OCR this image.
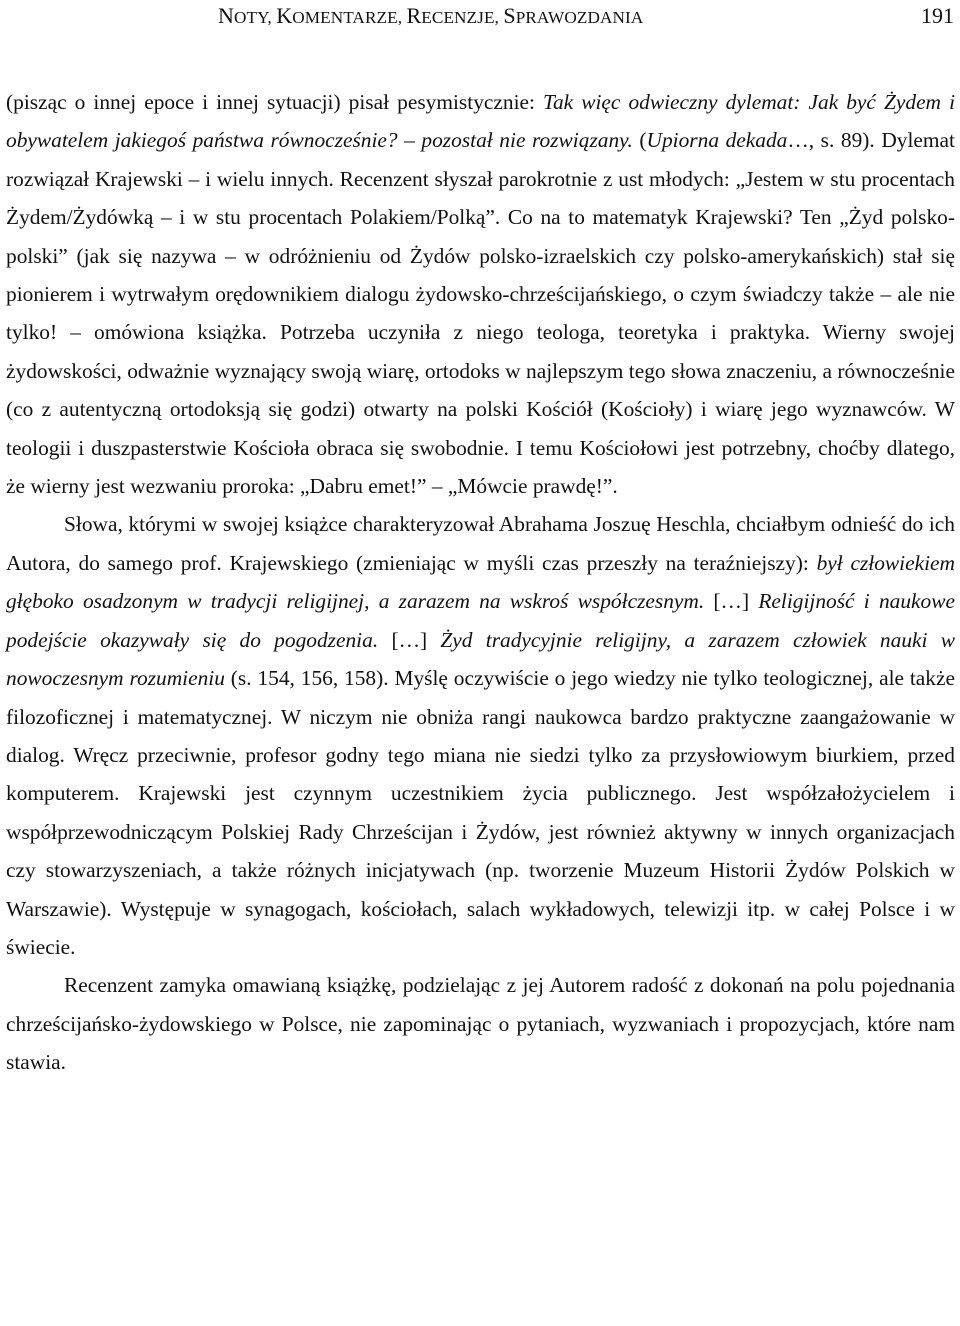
NOTY, KOMENTARZE, RECENZJE, SPRAWOZDANIA	191

(pisząc o innej epoce i innej sytuacji) pisał pesymistycznie: Tak więc odwieczny dylemat: Jak być Żydem i obywatelem jakiegoś państwa równocześnie? – pozostał nie rozwiązany. (Upiorna dekada…, s. 89). Dylemat rozwiązał Krajewski – i wielu innych. Recenzent słyszał parokrotnie z ust młodych: „Jestem w stu procentach Żydem/Żydówką – i w stu procentach Polakiem/Polką”. Co na to matematyk Krajewski? Ten „Żyd polsko-polski” (jak się nazywa – w odróżnieniu od Żydów polsko-izraelskich czy polsko-amerykańskich) stał się pionierem i wytrwałym orędownikiem dialogu żydowsko-chrześcijańskiego, o czym świadczy także – ale nie tylko! – omówiona książka. Potrzeba uczyniła z niego teologa, teoretyka i praktyka. Wierny swojej żydowskości, odważnie wyznający swoją wiarę, ortodoks w najlepszym tego słowa znaczeniu, a równocześnie (co z autentyczną ortodoksją się godzi) otwarty na polski Kościół (Kościoły) i wiarę jego wyznawców. W teologii i duszpasterstwie Kościoła obraca się swobodnie. I temu Kościołowi jest potrzebny, choćby dlatego, że wierny jest wezwaniu proroka: „Dabru emet!” – „Mówcie prawdę!”.

Słowa, którymi w swojej książce charakteryzował Abrahama Joszuę Heschla, chciałbym odnieść do ich Autora, do samego prof. Krajewskiego (zmieniając w myśli czas przeszły na teraźniejszy): był człowiekiem głęboko osadzonym w tradycji religijnej, a zarazem na wskroś współczesnym. […] Religijność i naukowe podejście okazywały się do pogodzenia. […] Żyd tradycyjnie religijny, a zarazem człowiek nauki w nowoczesnym rozumieniu (s. 154, 156, 158). Myślę oczywiście o jego wiedzy nie tylko teologicznej, ale także filozoficznej i matematycznej. W niczym nie obniża rangi naukowca bardzo praktyczne zaangażowanie w dialog. Wręcz przeciwnie, profesor godny tego miana nie siedzi tylko za przysłowiowym biurkiem, przed komputerem. Krajewski jest czynnym uczestnikiem życia publicznego. Jest współzałożycielem i współprzewodniczącym Polskiej Rady Chrześcijan i Żydów, jest również aktywny w innych organizacjach czy stowarzyszeniach, a także różnych inicjatywach (np. tworzenie Muzeum Historii Żydów Polskich w Warszawie). Występuje w synagogach, kościołach, salach wykładowych, telewizji itp. w całej Polsce i w świecie.

Recenzent zamyka omawianą książkę, podzielając z jej Autorem radość z dokonań na polu pojednania chrześcijańsko-żydowskiego w Polsce, nie zapominając o pytaniach, wyzwaniach i propozycjach, które nam stawia.
